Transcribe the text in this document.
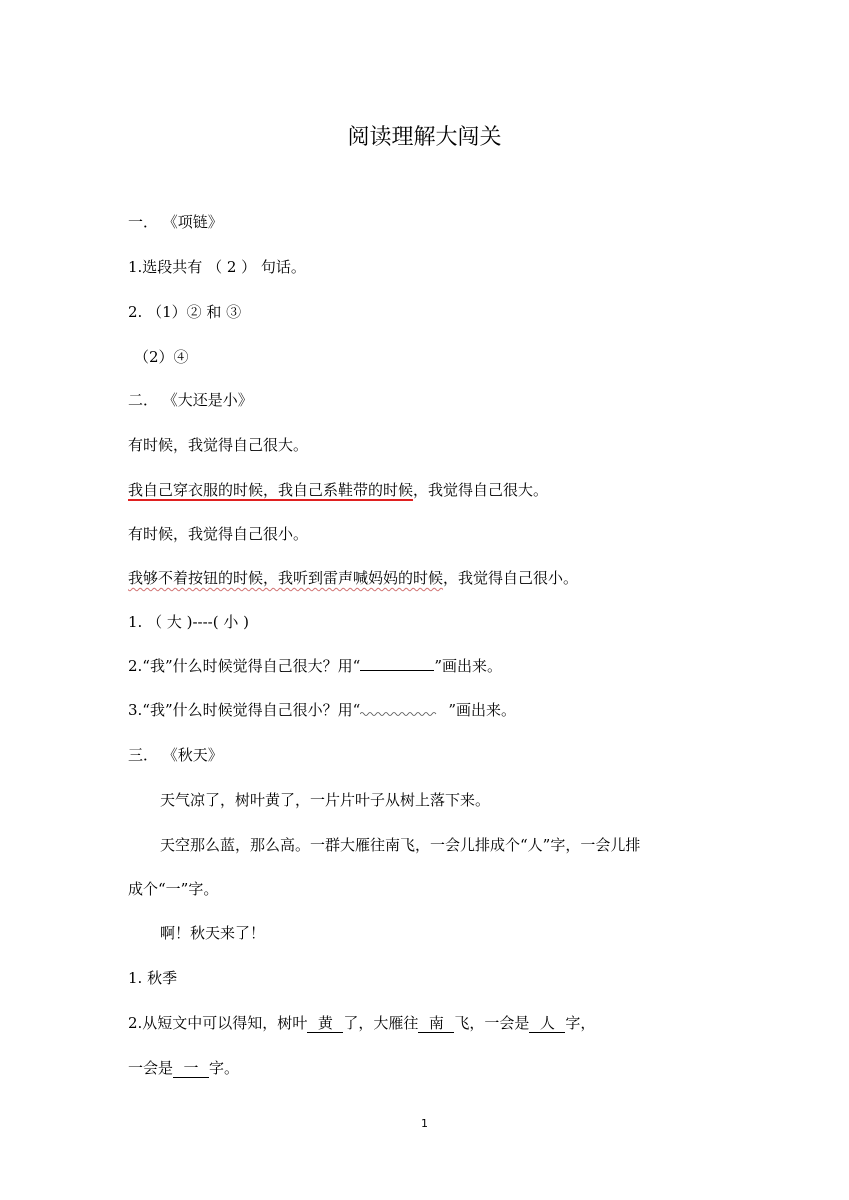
阅读理解大闯关
一． 《项链》
1.选段共有 （ 2 ） 句话。
2. （1）② 和 ③
（2）④
二． 《大还是小》
有时候，我觉得自己很大。
我自己穿衣服的时候，我自己系鞋带的时候，我觉得自己很大。
有时候，我觉得自己很小。
我够不着按钮的时候，我听到雷声喊妈妈的时候，我觉得自己很小。
1. （ 大 )----( 小 )
2.“我”什么时候觉得自己很大？用“	”画出来。
3.“我”什么时候觉得自己很小？用“	”画出来。
三． 《秋天》
天气凉了，树叶黄了，一片片叶子从树上落下来。
天空那么蓝，那么高。一群大雁往南飞，一会儿排成个“人”字，一会儿排
成个“一”字。
啊！秋天来了！
1. 秋季
2.从短文中可以得知，树叶 黄 了，大雁往 南 飞，一会是 人 字，
一会是 一 字。
1
